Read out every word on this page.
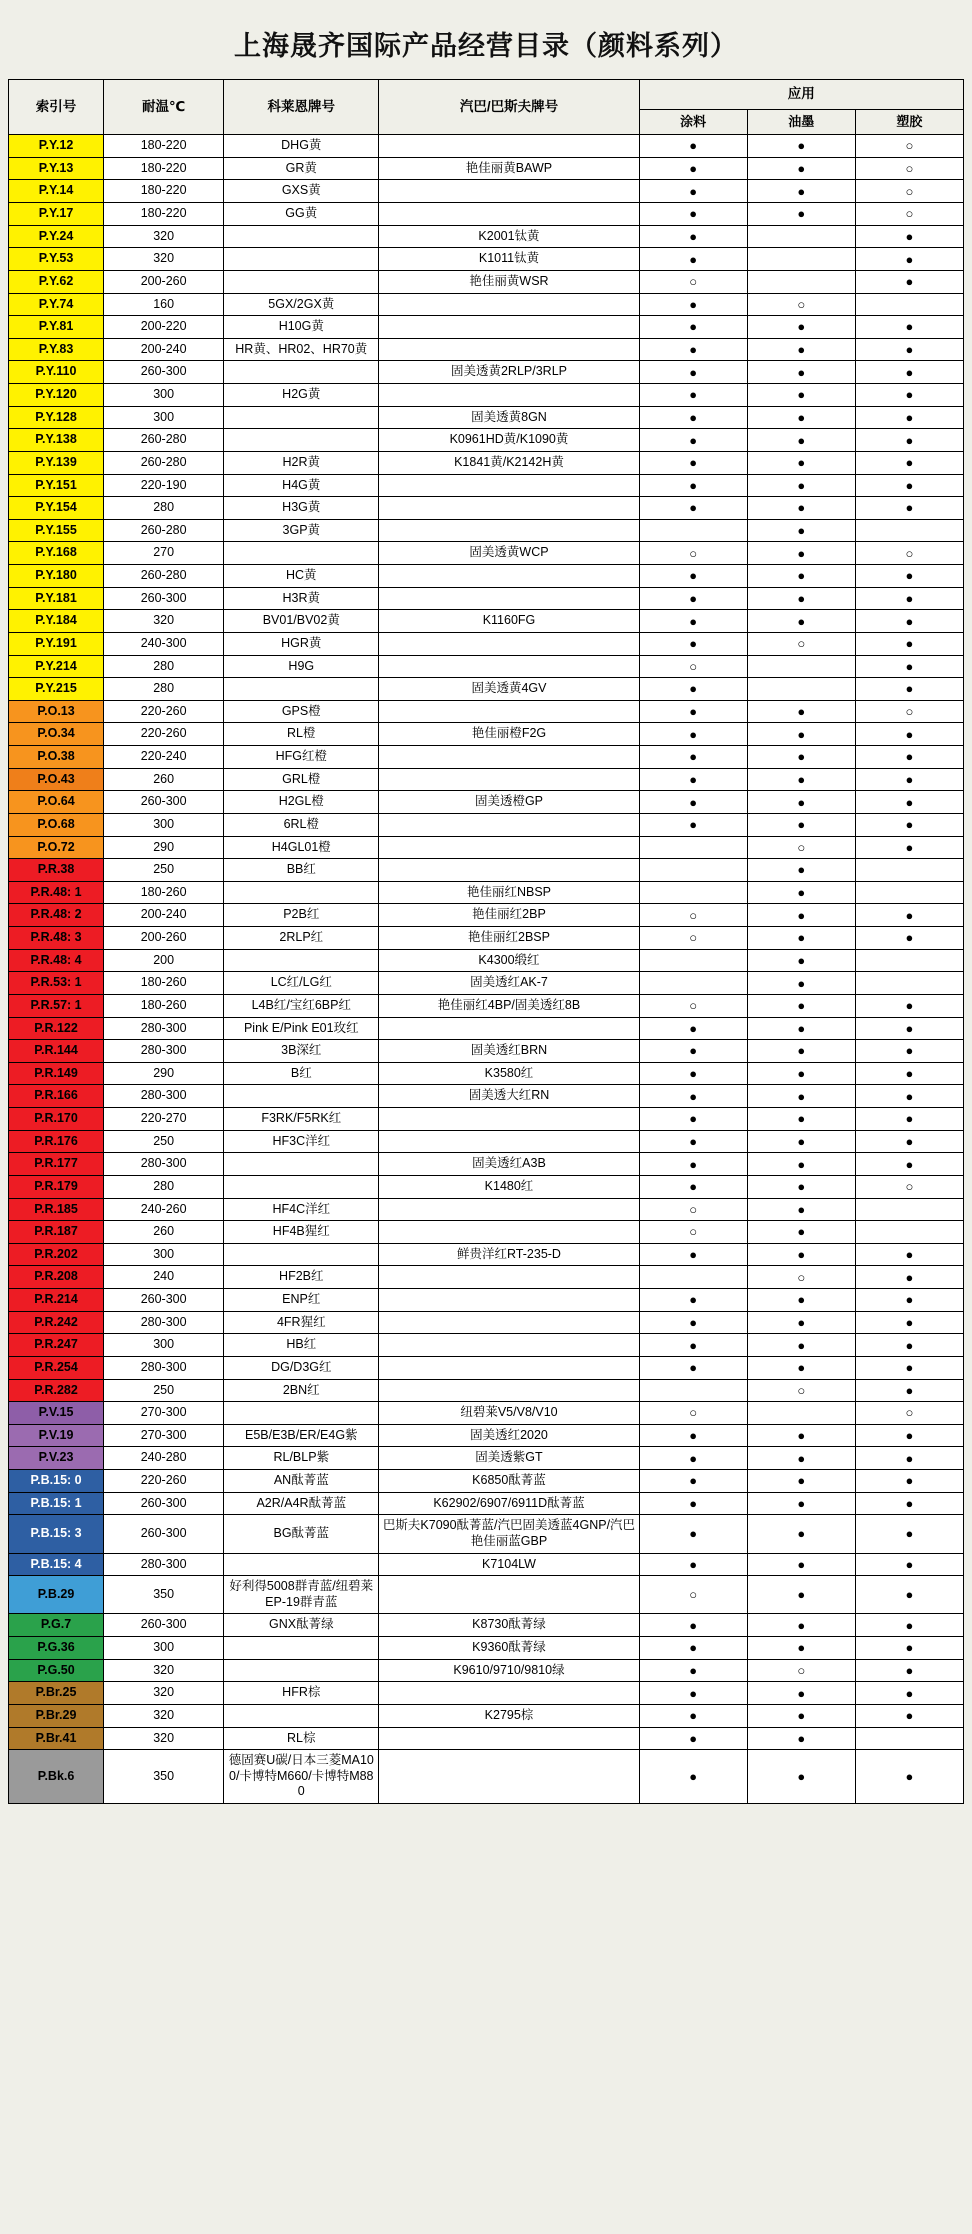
上海晟齐国际产品经营目录（颜料系列）
索引号	耐温℃	科莱恩牌号	汽巴/巴斯夫牌号	应用		
				涂料	油墨	塑胶
P.Y.12	180-220	DHG黄		●	●	○
P.Y.13	180-220	GR黄	艳佳丽黄BAWP	●	●	○
P.Y.14	180-220	GXS黄		●	●	○
P.Y.17	180-220	GG黄		●	●	○
P.Y.24	320		K2001钛黄	●		●
P.Y.53	320		K1011钛黄	●		●
P.Y.62	200-260		艳佳丽黄WSR	○		●
P.Y.74	160	5GX/2GX黄		●	○	
P.Y.81	200-220	H10G黄		●	●	●
P.Y.83	200-240	HR黄、HR02、HR70黄		●	●	●
P.Y.110	260-300		固美透黄2RLP/3RLP	●	●	●
P.Y.120	300	H2G黄		●	●	●
P.Y.128	300		固美透黄8GN	●	●	●
P.Y.138	260-280		K0961HD黄/K1090黄	●	●	●
P.Y.139	260-280	H2R黄	K1841黄/K2142H黄	●	●	●
P.Y.151	220-190	H4G黄		●	●	●
P.Y.154	280	H3G黄		●	●	●
P.Y.155	260-280	3GP黄			●	
P.Y.168	270		固美透黄WCP	○	●	○
P.Y.180	260-280	HC黄		●	●	●
P.Y.181	260-300	H3R黄		●	●	●
P.Y.184	320	BV01/BV02黄	K1160FG	●	●	●
P.Y.191	240-300	HGR黄		●	○	●
P.Y.214	280	H9G		○		●
P.Y.215	280		固美透黄4GV	●		●
P.O.13	220-260	GPS橙		●	●	○
P.O.34	220-260	RL橙	艳佳丽橙F2G	●	●	●
P.O.38	220-240	HFG红橙		●	●	●
P.O.43	260	GRL橙		●	●	●
P.O.64	260-300	H2GL橙	固美透橙GP	●	●	●
P.O.68	300	6RL橙		●	●	●
P.O.72	290	H4GL01橙			○	●
P.R.38	250	BB红			●	
P.R.48: 1	180-260		艳佳丽红NBSP		●	
P.R.48: 2	200-240	P2B红	艳佳丽红2BP	○	●	●
P.R.48: 3	200-260	2RLP红	艳佳丽红2BSP	○	●	●
P.R.48: 4	200		K4300缎红		●	
P.R.53: 1	180-260	LC红/LG红	固美透红AK-7		●	
P.R.57: 1	180-260	L4B红/宝红6BP红	艳佳丽红4BP/固美透红8B	○	●	●
P.R.122	280-300	Pink E/Pink E01玫红		●	●	●
P.R.144	280-300	3B深红	固美透红BRN	●	●	●
P.R.149	290	B红	K3580红	●	●	●
P.R.166	280-300		固美透大红RN	●	●	●
P.R.170	220-270	F3RK/F5RK红		●	●	●
P.R.176	250	HF3C洋红		●	●	●
P.R.177	280-300		固美透红A3B	●	●	●
P.R.179	280		K1480红	●	●	○
P.R.185	240-260	HF4C洋红		○	●	
P.R.187	260	HF4B猩红		○	●	
P.R.202	300		鲜贵洋红RT-235-D	●	●	●
P.R.208	240	HF2B红			○	●
P.R.214	260-300	ENP红		●	●	●
P.R.242	280-300	4FR猩红		●	●	●
P.R.247	300	HB红		●	●	●
P.R.254	280-300	DG/D3G红		●	●	●
P.R.282	250	2BN红			○	●
P.V.15	270-300		纽碧莱V5/V8/V10	○		○
P.V.19	270-300	E5B/E3B/ER/E4G紫	固美透红2020	●	●	●
P.V.23	240-280	RL/BLP紫	固美透紫GT	●	●	●
P.B.15: 0	220-260	AN酞菁蓝	K6850酞菁蓝	●	●	●
P.B.15: 1	260-300	A2R/A4R酞菁蓝	K62902/6907/6911D酞菁蓝	●	●	●
P.B.15: 3	260-300	BG酞菁蓝	巴斯夫K7090酞菁蓝/汽巴固美透蓝4GNP/汽巴艳佳丽蓝GBP	●	●	●
P.B.15: 4	280-300		K7104LW	●	●	●
P.B.29	350	好利得5008群青蓝/纽碧莱EP-19群青蓝		○	●	●
P.G.7	260-300	GNX酞菁绿	K8730酞菁绿	●	●	●
P.G.36	300		K9360酞菁绿	●	●	●
P.G.50	320		K9610/9710/9810绿	●	○	●
P.Br.25	320	HFR棕		●	●	●
P.Br.29	320		K2795棕	●	●	●
P.Br.41	320	RL棕		●	●	
P.Bk.6	350	德固赛U碳/日本三菱MA100/卡博特M660/卡博特M880		●	●	●
